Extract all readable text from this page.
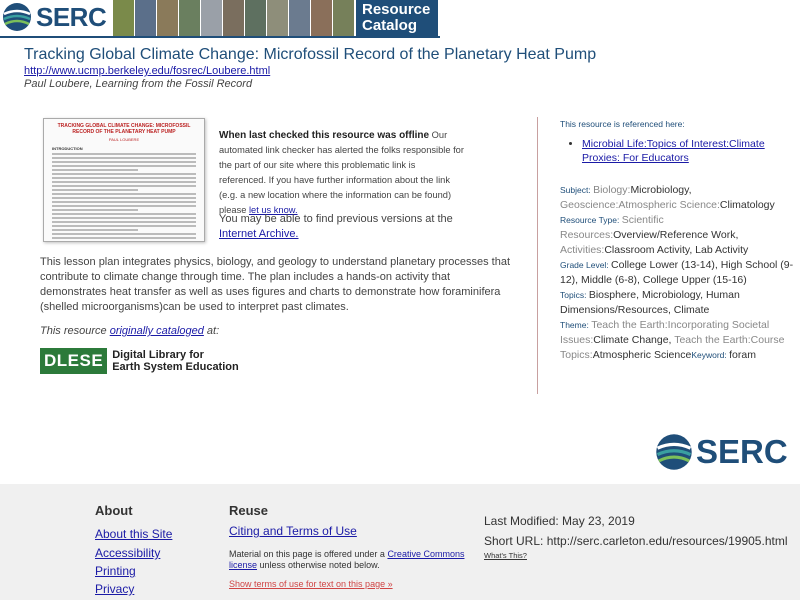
SERC	Resource
Catalog
Tracking Global Climate Change: Microfossil Record of the Planetary Heat Pump
http://www.ucmp.berkeley.edu/fosrec/Loubere.html
Paul Loubere, Learning from the Fossil Record
TRACKING GLOBAL CLIMATE CHANGE: MICROFOSSIL RECORD OF THE PLANETARY HEAT PUMP
PAUL LOUBERE
INTRODUCTION
When last checked this resource was offline Our automated link checker has alerted the folks responsible for the part of our site where this problematic link is referenced. If you have further information about the link (e.g. a new location where the information can be found) please let us know.
You may be able to find previous versions at the Internet Archive.
This lesson plan integrates physics, biology, and geology to understand planetary processes that contribute to climate change through time. The plan includes a hands-on activity that demonstrates heat transfer as well as uses figures and charts to demonstrate how foraminifera (shelled microorganisms)can be used to interpret past climates.
This resource originally cataloged at:
DLESE Digital Library for
Earth System Education
This resource is referenced here:
• Microbial Life:Topics of Interest:Climate Proxies: For Educators
Subject: Biology:Microbiology, Geoscience:Atmospheric Science:Climatology
Resource Type: Scientific Resources:Overview/Reference Work, Activities:Classroom Activity, Lab Activity
Grade Level: College Lower (13-14), High School (9-12), Middle (6-8), College Upper (15-16)
Topics: Biosphere, Microbiology, Human Dimensions/Resources, Climate
Theme: Teach the Earth:Incorporating Societal Issues:Climate Change, Teach the Earth:Course Topics:Atmospheric ScienceKeyword: foram
SERC
About
About this Site
Accessibility
Printing
Privacy
Reuse
Citing and Terms of Use
Material on this page is offered under a Creative Commons
license unless otherwise noted below.
Show terms of use for text on this page »
Last Modified: May 23, 2019
Short URL: http://serc.carleton.edu/resources/19905.html
What's This?
